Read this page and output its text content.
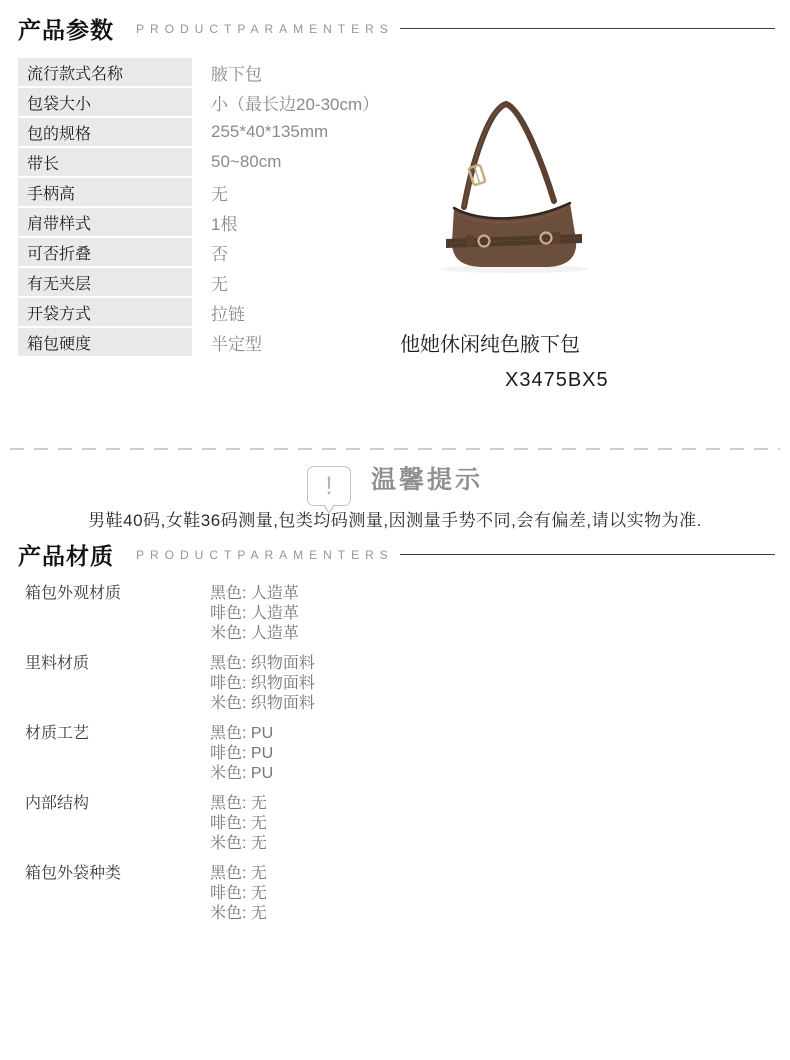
产品参数 PRODUCTPARAMENTERS
流行款式名称	腋下包
包袋大小	小（最长边20-30cm）
包的规格	255*40*135mm
带长	50~80cm
手柄高	无
肩带样式	1根
可否折叠	否
有无夹层	无
开袋方式	拉链
箱包硬度	半定型	他她休闲纯色腋下包
X3475BX5
! 温馨提示

男鞋40码,女鞋36码测量,包类均码测量,因测量手势不同,会有偏差,请以实物为准.

产品材质 PRODUCTPARAMENTERS
箱包外观材质	黑色: 人造革
啡色: 人造革
米色: 人造革
里料材质	黑色: 织物面料
啡色: 织物面料
米色: 织物面料
材质工艺	黑色: PU
啡色: PU
米色: PU
内部结构	黑色: 无
啡色: 无
米色: 无
箱包外袋种类	黑色: 无
啡色: 无
米色: 无
